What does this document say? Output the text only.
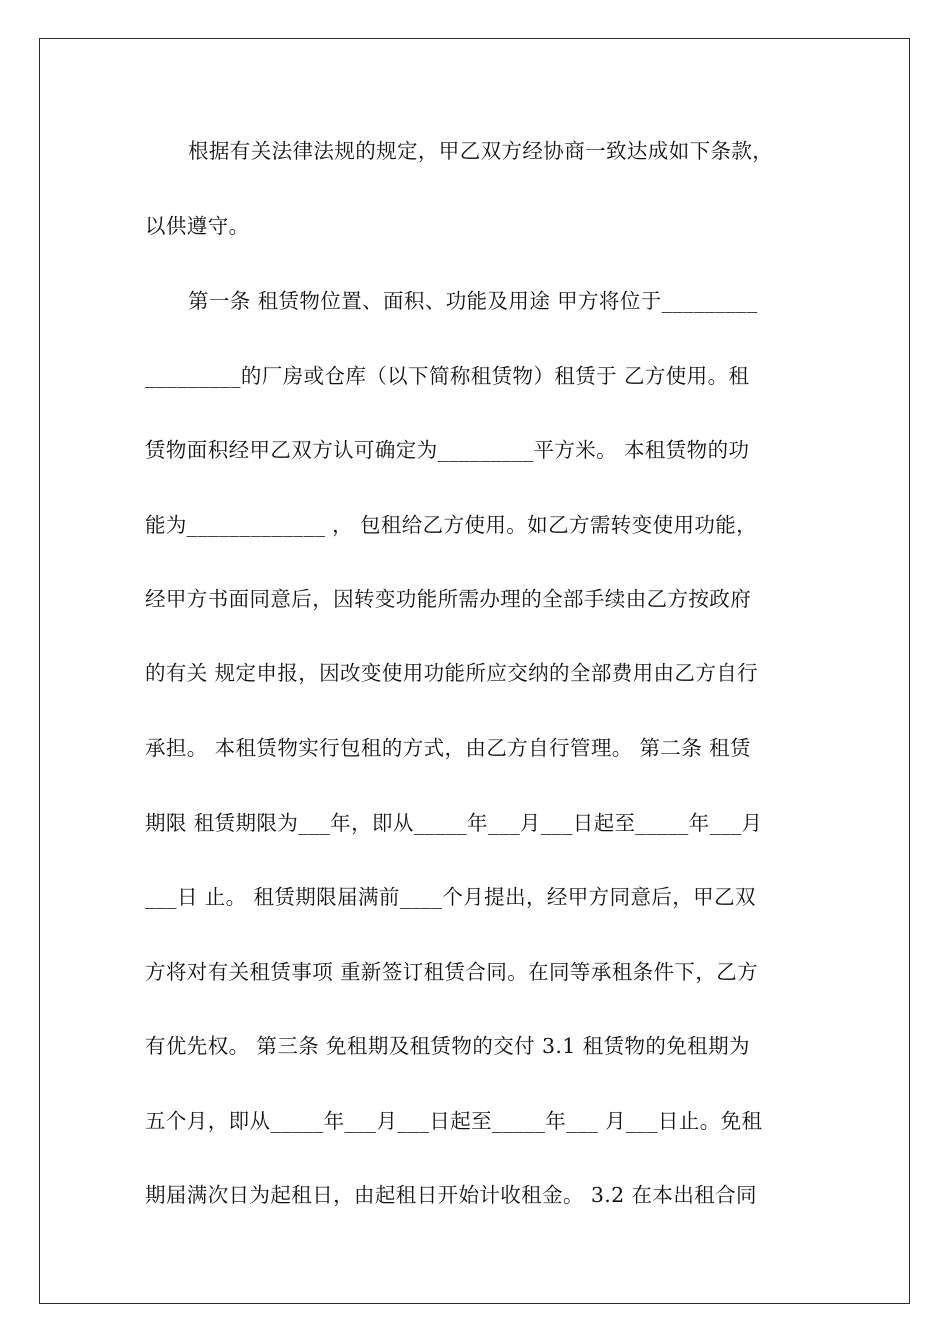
根据有关法律法规的规定，甲乙双方经协商一致达成如下条款，
以供遵守。
第一条 租赁物位置、面积、功能及用途 甲方将位于_________
_________的厂房或仓库（以下简称租赁物）租赁于 乙方使用。租
赁物面积经甲乙双方认可确定为_________平方米。 本租赁物的功
能为_____________ ， 包租给乙方使用。如乙方需转变使用功能，
经甲方书面同意后，因转变功能所需办理的全部手续由乙方按政府
的有关 规定申报，因改变使用功能所应交纳的全部费用由乙方自行
承担。 本租赁物实行包租的方式，由乙方自行管理。 第二条 租赁
期限 租赁期限为___年，即从_____年___月___日起至_____年___月
___日 止。 租赁期限届满前____个月提出，经甲方同意后，甲乙双
方将对有关租赁事项 重新签订租赁合同。在同等承租条件下，乙方
有优先权。 第三条 免租期及租赁物的交付 3.1 租赁物的免租期为
五个月，即从_____年___月___日起至_____年___ 月___日止。免租
期届满次日为起租日，由起租日开始计收租金。 3.2 在本出租合同
